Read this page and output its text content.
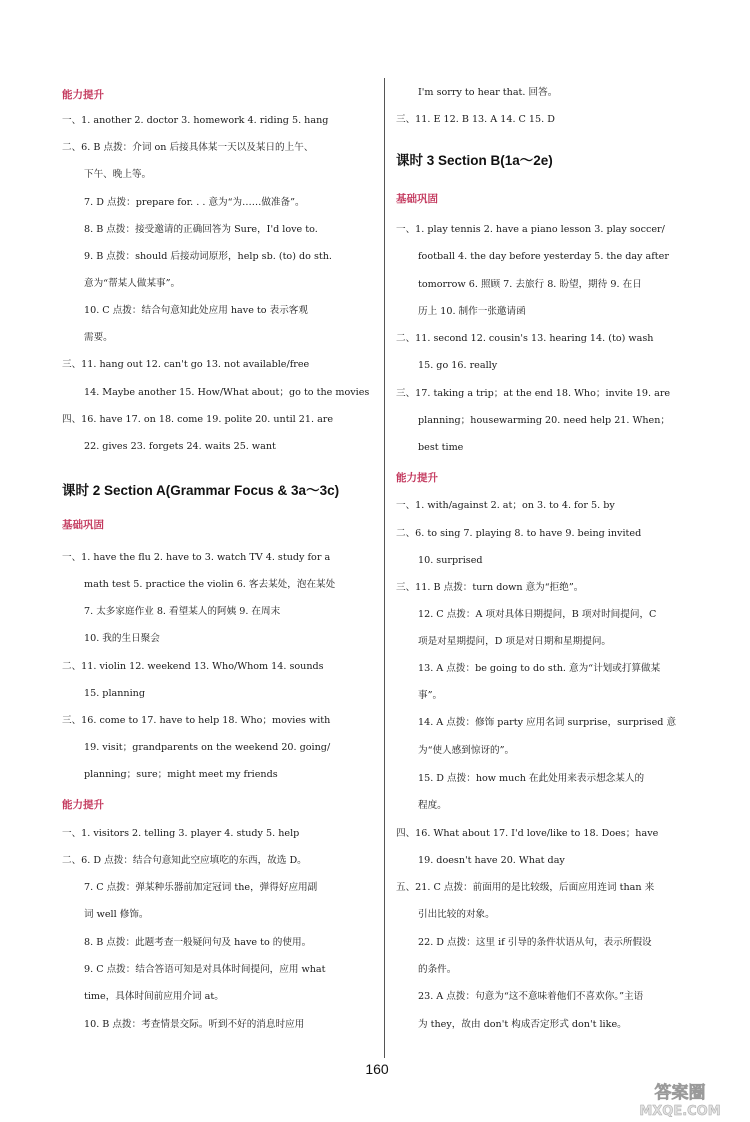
能力提升
一、1. another 2. doctor 3. homework 4. riding 5. hang
二、6. B 点拨：介词 on 后接具体某一天以及某日的上午、
下午、晚上等。
7. D 点拨：prepare for. . . 意为“为……做准备”。
8. B 点拨：接受邀请的正确回答为 Sure，I'd love to.
9. B 点拨：should 后接动词原形，help sb. (to) do sth.
意为“帮某人做某事”。
10. C 点拨：结合句意知此处应用 have to 表示客观
需要。
三、11. hang out 12. can't go 13. not available/free
14. Maybe another 15. How/What about；go to the movies
四、16. have 17. on 18. come 19. polite 20. until 21. are
22. gives 23. forgets 24. waits 25. want
课时 2 Section A(Grammar Focus & 3a～3c)
基础巩固
一、1. have the flu 2. have to 3. watch TV 4. study for a
math test 5. practice the violin 6. 客去某处，泡在某处
7. 太多家庭作业 8. 看望某人的阿姨 9. 在周末
10. 我的生日聚会
二、11. violin 12. weekend 13. Who/Whom 14. sounds
15. planning
三、16. come to 17. have to help 18. Who；movies with
19. visit；grandparents on the weekend 20. going/
planning；sure；might meet my friends
能力提升
一、1. visitors 2. telling 3. player 4. study 5. help
二、6. D 点拨：结合句意知此空应填吃的东西，故选 D。
7. C 点拨：弹某种乐器前加定冠词 the，弹得好应用副
词 well 修饰。
8. B 点拨：此题考查一般疑问句及 have to 的使用。
9. C 点拨：结合答语可知是对具体时间提问，应用 what
time，具体时间前应用介词 at。
10. B 点拨：考查情景交际。听到不好的消息时应用
I'm sorry to hear that. 回答。
三、11. E 12. B 13. A 14. C 15. D
课时 3 Section B(1a～2e)
基础巩固
一、1. play tennis 2. have a piano lesson 3. play soccer/
football 4. the day before yesterday 5. the day after
tomorrow 6. 照顾 7. 去旅行 8. 盼望，期待 9. 在日
历上 10. 制作一张邀请函
二、11. second 12. cousin's 13. hearing 14. (to) wash
15. go 16. really
三、17. taking a trip；at the end 18. Who；invite 19. are
planning；housewarming 20. need help 21. When；
best time
能力提升
一、1. with/against 2. at；on 3. to 4. for 5. by
二、6. to sing 7. playing 8. to have 9. being invited
10. surprised
三、11. B 点拨：turn down 意为“拒绝”。
12. C 点拨：A 项对具体日期提问，B 项对时间提问，C
项是对星期提问，D 项是对日期和星期提问。
13. A 点拨：be going to do sth. 意为“计划或打算做某
事”。
14. A 点拨：修饰 party 应用名词 surprise，surprised 意
为“使人感到惊讶的”。
15. D 点拨：how much 在此处用来表示想念某人的
程度。
四、16. What about 17. I'd love/like to 18. Does；have
19. doesn't have 20. What day
五、21. C 点拨：前面用的是比较级，后面应用连词 than 来
引出比较的对象。
22. D 点拨：这里 if 引导的条件状语从句，表示所假设
的条件。
23. A 点拨：句意为“这不意味着他们不喜欢你。”主语
为 they，故由 don't 构成否定形式 don't like。
160
答案圈
MXQE.COM
